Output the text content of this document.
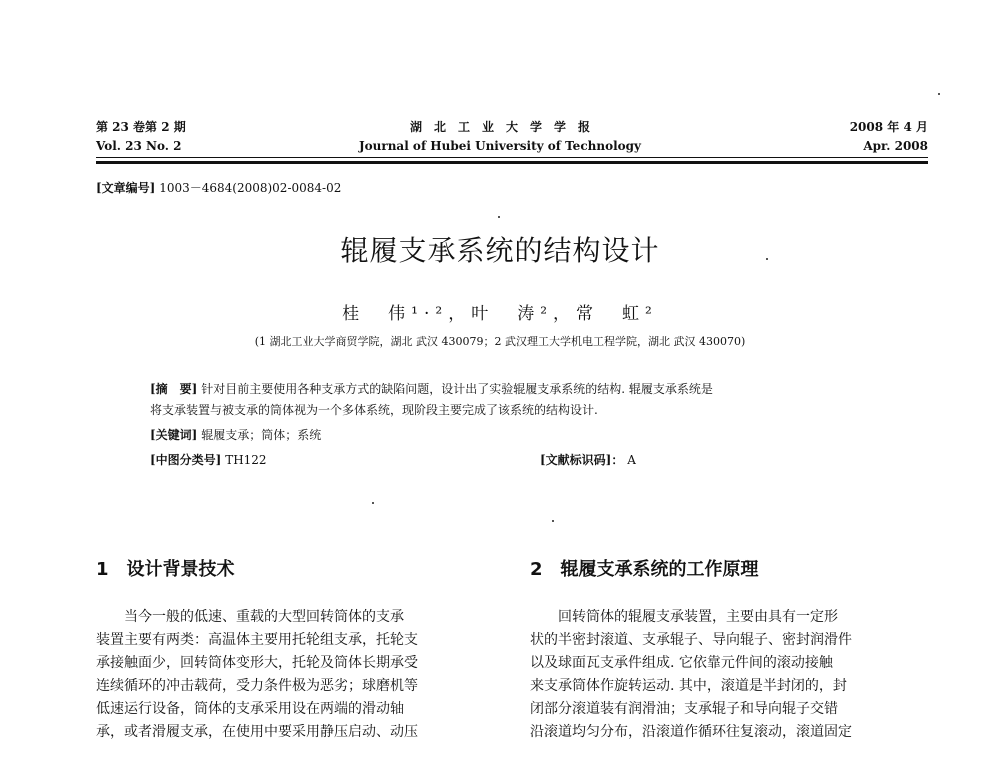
第 23 卷第 2 期
Vol. 23 No. 2
湖　北　工　业　大　学　学　报
Journal of Hubei University of Technology
2008 年 4 月
Apr. 2008
[文章编号] 1003－4684(2008)02-0084-02
辊履支承系统的结构设计
桂　伟¹·²，叶　涛²，常　虹²
(1 湖北工业大学商贸学院，湖北 武汉 430079；2 武汉理工大学机电工程学院，湖北 武汉 430070)
[摘　要] 针对目前主要使用各种支承方式的缺陷问题，设计出了实验辊履支承系统的结构. 辊履支承系统是
将支承装置与被支承的筒体视为一个多体系统，现阶段主要完成了该系统的结构设计.
[关键词] 辊履支承；筒体；系统
[中图分类号] TH122	[文献标识码]： A
1　设计背景技术	2　辊履支承系统的工作原理

　　当今一般的低速、重载的大型回转筒体的支承

装置主要有两类：高温体主要用托轮组支承，托轮支

承接触面少，回转筒体变形大，托轮及筒体长期承受

连续循环的冲击载荷，受力条件极为恶劣；球磨机等

低速运行设备，筒体的支承采用设在两端的滑动轴

承，或者滑履支承，在使用中要采用静压启动、动压

　　回转筒体的辊履支承装置，主要由具有一定形

状的半密封滚道、支承辊子、导向辊子、密封润滑件

以及球面瓦支承件组成. 它依靠元件间的滚动接触

来支承筒体作旋转运动. 其中，滚道是半封闭的，封

闭部分滚道装有润滑油；支承辊子和导向辊子交错

沿滚道均匀分布，沿滚道作循环往复滚动，滚道固定
